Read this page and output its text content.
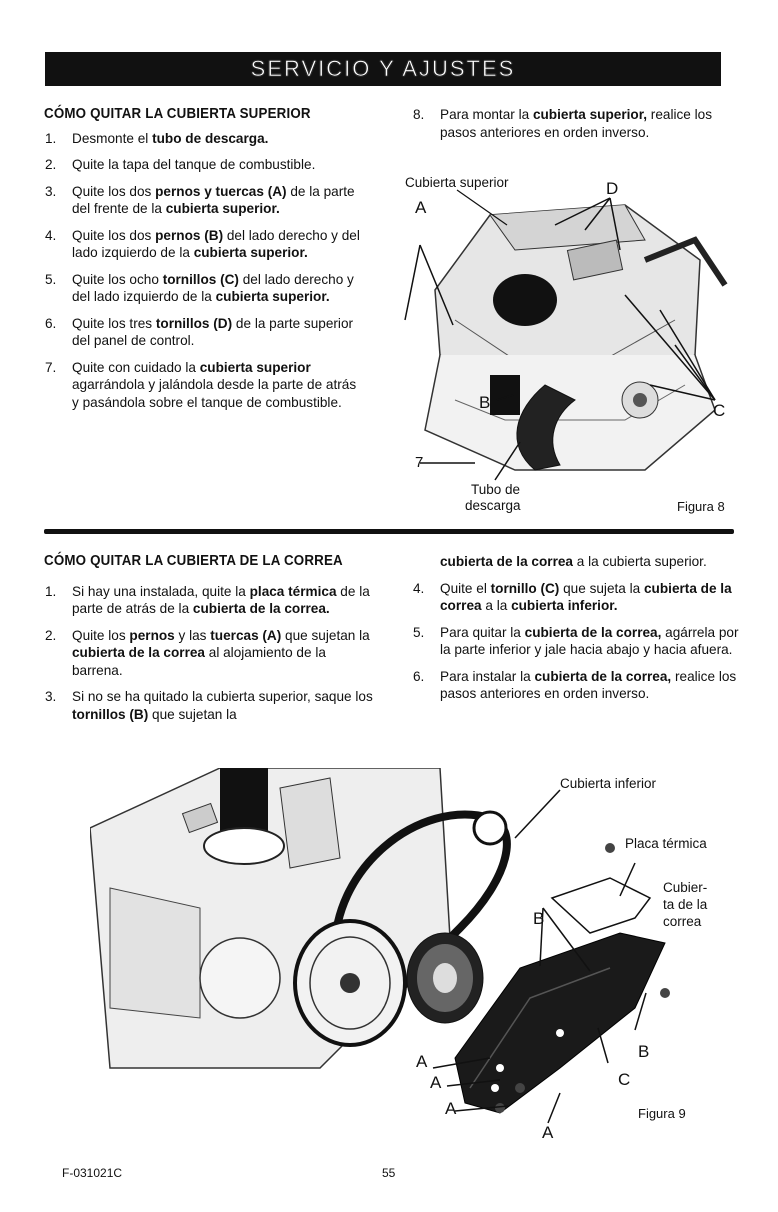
SERVICIO Y AJUSTES
CÓMO QUITAR LA CUBIERTA SUPERIOR
1. Desmonte el tubo de descarga.
2. Quite la tapa del tanque de combustible.
3. Quite los dos pernos y tuercas (A) de la parte del frente de la cubierta superior.
4. Quite los dos pernos (B) del lado derecho y del lado izquierdo de la cubierta superior.
5. Quite los ocho tornillos (C) del lado derecho y del lado izquierdo de la cubierta superior.
6. Quite los tres tornillos (D) de la parte superior del panel de control.
7. Quite con cuidado la cubierta superior agarrándola y jalándola desde la parte de atrás y pasándola sobre el tanque de combustible.
8. Para montar la cubierta superior, realice los pasos anteriores en orden inverso.
Cubierta superior
A
D
B	C
7
Tubo de
descarga	Figura 8
CÓMO QUITAR LA CUBIERTA DE LA CORREA
1. Si hay una instalada, quite la placa térmica de la parte de atrás de la cubierta de la correa.
2. Quite los pernos y las tuercas (A) que sujetan la cubierta de la correa al alojamiento de la barrena.
3. Si no se ha quitado la cubierta superior, saque los tornillos (B) que sujetan la
cubierta de la correa a la cubierta superior.
4. Quite el tornillo (C) que sujeta la cubierta de la correa a la cubierta inferior.
5. Para quitar la cubierta de la correa, agárrela por la parte inferior y jale hacia abajo y hacia afuera.
6. Para instalar la cubierta de la correa, realice los pasos anteriores en orden inverso.
Cubierta inferior
Placa térmica
Cubier-
ta de la
correa
B
B
A
A
A
C
A
Figura 9
F-031021C	55
